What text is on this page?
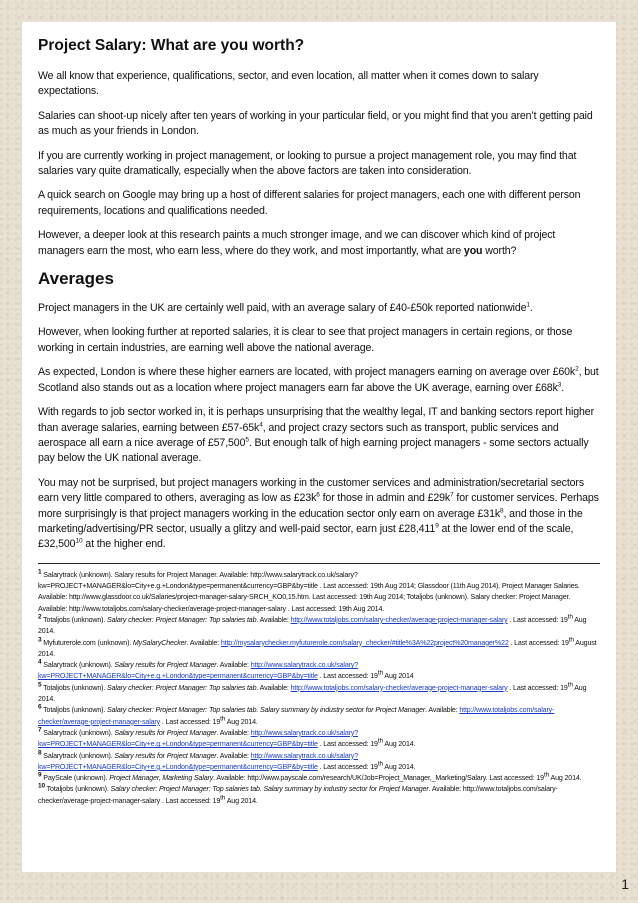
Project Salary: What are you worth?

We all know that experience, qualifications, sector, and even location, all matter when it comes down to salary expectations.

Salaries can shoot-up nicely after ten years of working in your particular field, or you might find that you aren’t getting paid as much as your friends in London.

If you are currently working in project management, or looking to pursue a project management role, you may find that salaries vary quite dramatically, especially when the above factors are taken into consideration.

A quick search on Google may bring up a host of different salaries for project managers, each one with different person requirements, locations and qualifications needed.

However, a deeper look at this research paints a much stronger image, and we can discover which kind of project managers earn the most, who earn less, where do they work, and most importantly, what are you worth?

Averages

Project managers in the UK are certainly well paid, with an average salary of £40-£50k reported nationwide$^1$.

However, when looking further at reported salaries, it is clear to see that project managers in certain regions, or those working in certain industries, are earning well above the national average.

As expected, London is where these higher earners are located, with project managers earning on average over $£60k^2$, but Scotland also stands out as a location where project managers earn far above the UK average, earning over $£68k^3$.

With regards to job sector worked in, it is perhaps unsurprising that the wealthy legal, IT and banking sectors report higher than average salaries, earning between $£57-65k^4$, and project crazy sectors such as transport, public services and aerospace all earn a nice average of £57,500$^5$. But enough talk of high earning project managers - some sectors actually pay below the UK national average.

You may not be surprised, but project managers working in the customer services and administration/secretarial sectors earn very little compared to others, averaging as low as $£23k^6$ for those in admin and $£29k^7$ for customer services. Perhaps more surprisingly is that project managers working in the education sector only earn on average $£31k^8$, and those in the marketing/advertising/PR sector, usually a glitzy and well-paid sector, earn just £28,411$^9$ at the lower end of the scale, £32,500$^{10}$ at the higher end.

$^1$ Salarytrack (unknown). Salary results for Project Manager. Available: http://www.salarytrack.co.uk/salary?kw=PROJECT+MANAGER&lo=City+e.g.+London&type=permanent&currency=GBP&by=title . Last accessed: 19th Aug 2014; Glassdoor (11th Aug 2014). Project Manager Salaries. Available: http://www.glassdoor.co.uk/Salaries/project-manager-salary-SRCH_KO0,15.htm. Last accessed: 19th Aug 2014; Totaljobs (unknown). Salary checker: Project Manager. Available: http://www.totaljobs.com/salary-checker/average-project-manager-salary . Last accessed: 19th Aug 2014.

$^2$ Totaljobs (unknown). Salary checker: Project Manager: Top salaries tab. Available: http://www.totaljobs.com/salary-checker/average-project-manager-salary . Last accessed: 19th Aug 2014.

$^3$ Myfuturerole.com (unknown). MySalaryChecker. Available: http://mysalarychecker.myfuturerole.com/salary_checker/#title%3A%22project%20manager%22 . Last accessed: 19th August 2014.

$^4$ Salarytrack (unknown). Salary results for Project Manager. Available: http://www.salarytrack.co.uk/salary?kw=PROJECT+MANAGER&lo=City+e.g.+London&type=permanent&currency=GBP&by=title . Last accessed: 19th Aug 2014

$^5$ Totaljobs (unknown). Salary checker: Project Manager: Top salaries tab. Available: http://www.totaljobs.com/salary-checker/average-project-manager-salary . Last accessed: 19th Aug 2014.

$^6$ Totaljobs (unknown). Salary checker: Project Manager: Top salaries tab. Salary summary by industry sector for Project Manager. Available: http://www.totaljobs.com/salary-checker/average-project-manager-salary . Last accessed: 19th Aug 2014.

$^7$ Salarytrack (unknown). Salary results for Project Manager. Available: http://www.salarytrack.co.uk/salary?kw=PROJECT+MANAGER&lo=City+e.g.+London&type=permanent&currency=GBP&by=title . Last accessed: 19th Aug 2014.

$^8$ Salarytrack (unknown). Salary results for Project Manager. Available: http://www.salarytrack.co.uk/salary?kw=PROJECT+MANAGER&lo=City+e.g.+London&type=permanent&currency=GBP&by=title . Last accessed: 19th Aug 2014.

$^9$ PayScale (unknown). Project Manager, Marketing Salary. Available: http://www.payscale.com/research/UK/Job=Project_Manager,_Marketing/Salary. Last accessed: 19th Aug 2014.

$^{10}$ Totaljobs (unknown). Salary checker: Project Manager: Top salaries tab. Salary summary by industry sector for Project Manager. Available: http://www.totaljobs.com/salary-checker/average-project-manager-salary . Last accessed: 19th Aug 2014.

1
